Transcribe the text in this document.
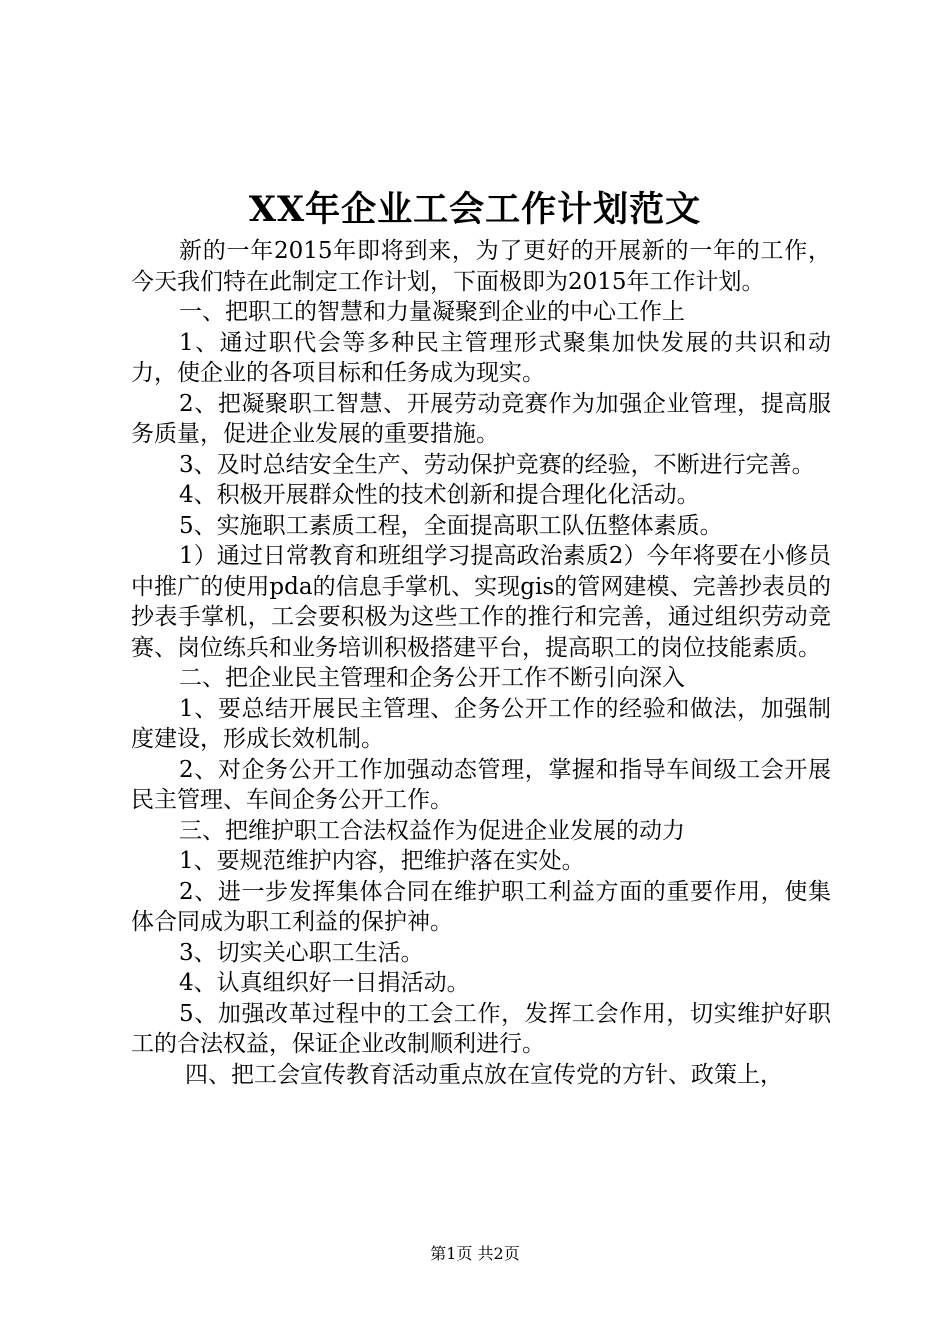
XX年企业工会工作计划范文

新的一年2015年即将到来，为了更好的开展新的一年的工作，今天我们特在此制定工作计划，下面极即为2015年工作计划。

一、把职工的智慧和力量凝聚到企业的中心工作上

1、通过职代会等多种民主管理形式聚集加快发展的共识和动力，使企业的各项目标和任务成为现实。

2、把凝聚职工智慧、开展劳动竞赛作为加强企业管理，提高服务质量，促进企业发展的重要措施。

3、及时总结安全生产、劳动保护竞赛的经验，不断进行完善。

4、积极开展群众性的技术创新和提合理化化活动。

5、实施职工素质工程，全面提高职工队伍整体素质。

1）通过日常教育和班组学习提高政治素质2）今年将要在小修员中推广的使用pda的信息手掌机、实现gis的管网建模、完善抄表员的抄表手掌机，工会要积极为这些工作的推行和完善，通过组织劳动竞赛、岗位练兵和业务培训积极搭建平台，提高职工的岗位技能素质。

二、把企业民主管理和企务公开工作不断引向深入

1、要总结开展民主管理、企务公开工作的经验和做法，加强制度建设，形成长效机制。

2、对企务公开工作加强动态管理，掌握和指导车间级工会开展民主管理、车间企务公开工作。

三、把维护职工合法权益作为促进企业发展的动力

1、要规范维护内容，把维护落在实处。

2、进一步发挥集体合同在维护职工利益方面的重要作用，使集体合同成为职工利益的保护神。

3、切实关心职工生活。

4、认真组织好一日捐活动。

5、加强改革过程中的工会工作，发挥工会作用，切实维护好职工的合法权益，保证企业改制顺利进行。

四、把工会宣传教育活动重点放在宣传党的方针、政策上，

第1页 共2页
